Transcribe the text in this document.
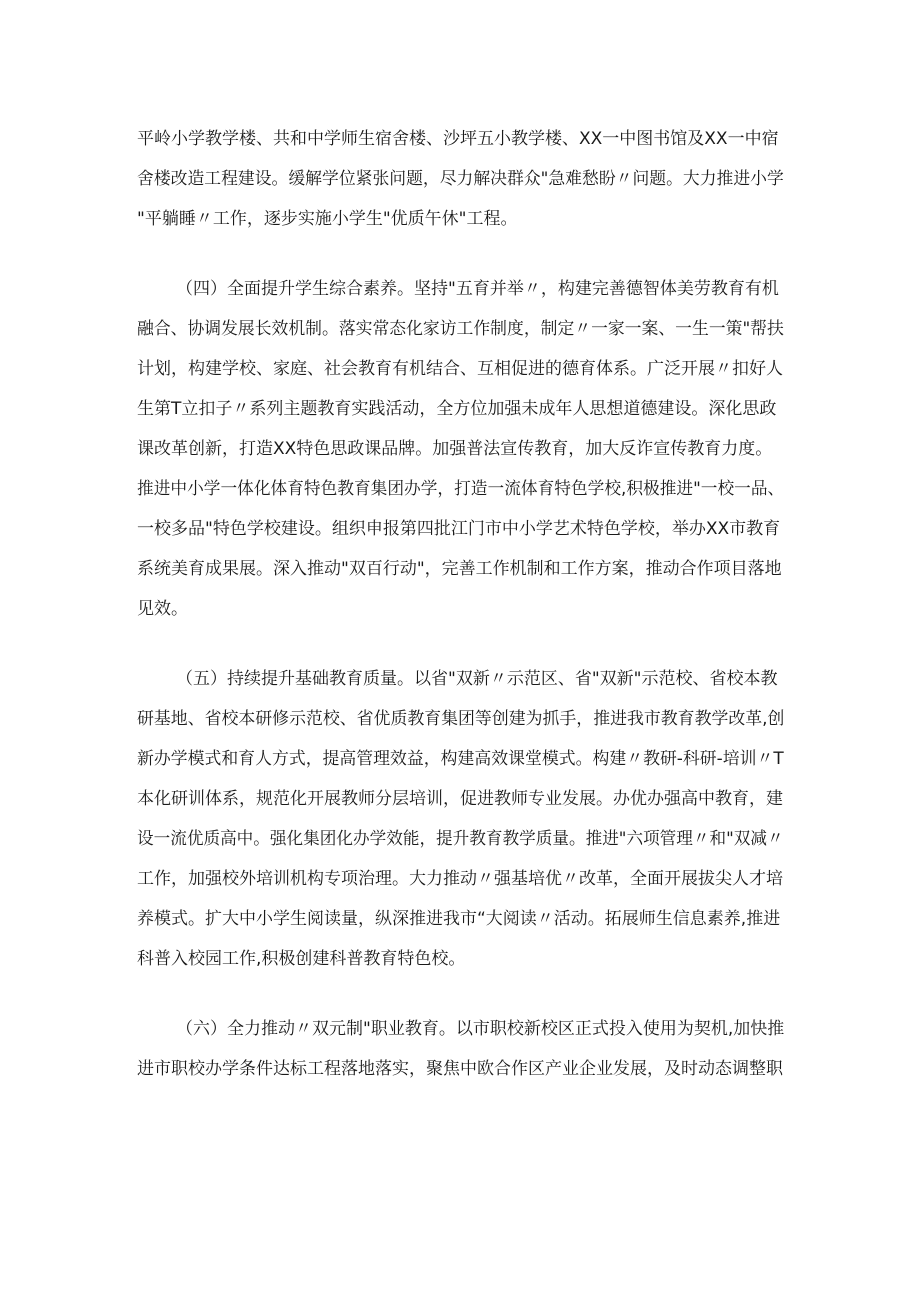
平岭小学教学楼、共和中学师生宿舍楼、沙坪五小教学楼、XX一中图书馆及XX一中宿
舍楼改造工程建设。缓解学位紧张问题，尽力解决群众"急难愁盼〃问题。大力推进小学
"平躺睡〃工作，逐步实施小学生"优质午休"工程。
（四）全面提升学生综合素养。坚持"五育并举〃，构建完善德智体美劳教育有机
融合、协调发展长效机制。落实常态化家访工作制度，制定〃一家一案、一生一策"帮扶
计划，构建学校、家庭、社会教育有机结合、互相促进的德育体系。广泛开展〃扣好人
生第T立扣子〃系列主题教育实践活动，全方位加强未成年人思想道德建设。深化思政
课改革创新，打造XX特色思政课品牌。加强普法宣传教育，加大反诈宣传教育力度。
推进中小学一体化体育特色教育集团办学，打造一流体育特色学校,积极推进"一校一品、
一校多品"特色学校建设。组织申报第四批江门市中小学艺术特色学校，举办XX市教育
系统美育成果展。深入推动"双百行动"，完善工作机制和工作方案，推动合作项目落地
见效。
（五）持续提升基础教育质量。以省"双新〃示范区、省"双新"示范校、省校本教
研基地、省校本研修示范校、省优质教育集团等创建为抓手，推进我市教育教学改革,创
新办学模式和育人方式，提高管理效益，构建高效课堂模式。构建〃教研-科研-培训〃T
本化研训体系，规范化开展教师分层培训，促进教师专业发展。办优办强高中教育，建
设一流优质高中。强化集团化办学效能，提升教育教学质量。推进"六项管理〃和"双减〃
工作，加强校外培训机构专项治理。大力推动〃强基培优〃改革，全面开展拔尖人才培
养模式。扩大中小学生阅读量，纵深推进我市“大阅读〃活动。拓展师生信息素养,推进
科普入校园工作,积极创建科普教育特色校。
（六）全力推动〃双元制"职业教育。以市职校新校区正式投入使用为契机,加快推
进市职校办学条件达标工程落地落实，聚焦中欧合作区产业企业发展，及时动态调整职
